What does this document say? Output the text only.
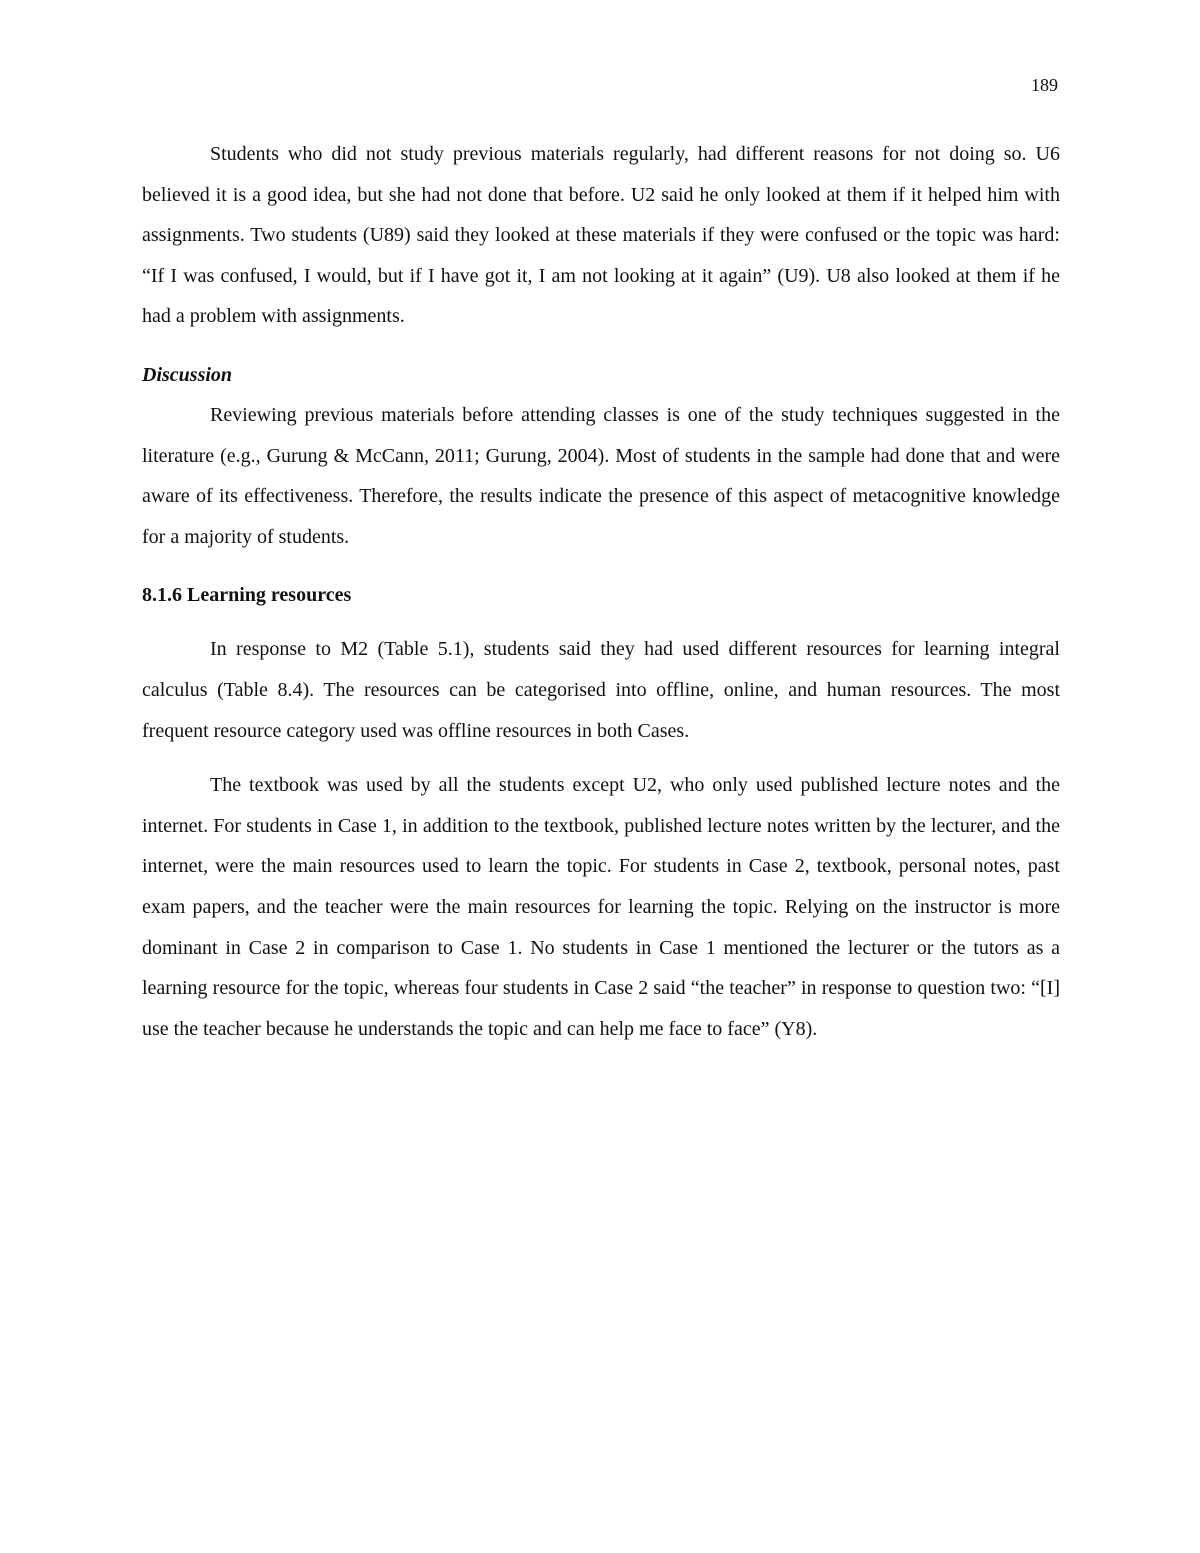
189

Students who did not study previous materials regularly, had different reasons for not doing so. U6 believed it is a good idea, but she had not done that before. U2 said he only looked at them if it helped him with assignments. Two students (U89) said they looked at these materials if they were confused or the topic was hard: “If I was confused, I would, but if I have got it, I am not looking at it again” (U9). U8 also looked at them if he had a problem with assignments.

Discussion

Reviewing previous materials before attending classes is one of the study techniques suggested in the literature (e.g., Gurung & McCann, 2011; Gurung, 2004). Most of students in the sample had done that and were aware of its effectiveness. Therefore, the results indicate the presence of this aspect of metacognitive knowledge for a majority of students.

8.1.6 Learning resources

In response to M2 (Table 5.1), students said they had used different resources for learning integral calculus (Table 8.4). The resources can be categorised into offline, online, and human resources. The most frequent resource category used was offline resources in both Cases.

The textbook was used by all the students except U2, who only used published lecture notes and the internet. For students in Case 1, in addition to the textbook, published lecture notes written by the lecturer, and the internet, were the main resources used to learn the topic. For students in Case 2, textbook, personal notes, past exam papers, and the teacher were the main resources for learning the topic. Relying on the instructor is more dominant in Case 2 in comparison to Case 1. No students in Case 1 mentioned the lecturer or the tutors as a learning resource for the topic, whereas four students in Case 2 said “the teacher” in response to question two: “[I] use the teacher because he understands the topic and can help me face to face” (Y8).
